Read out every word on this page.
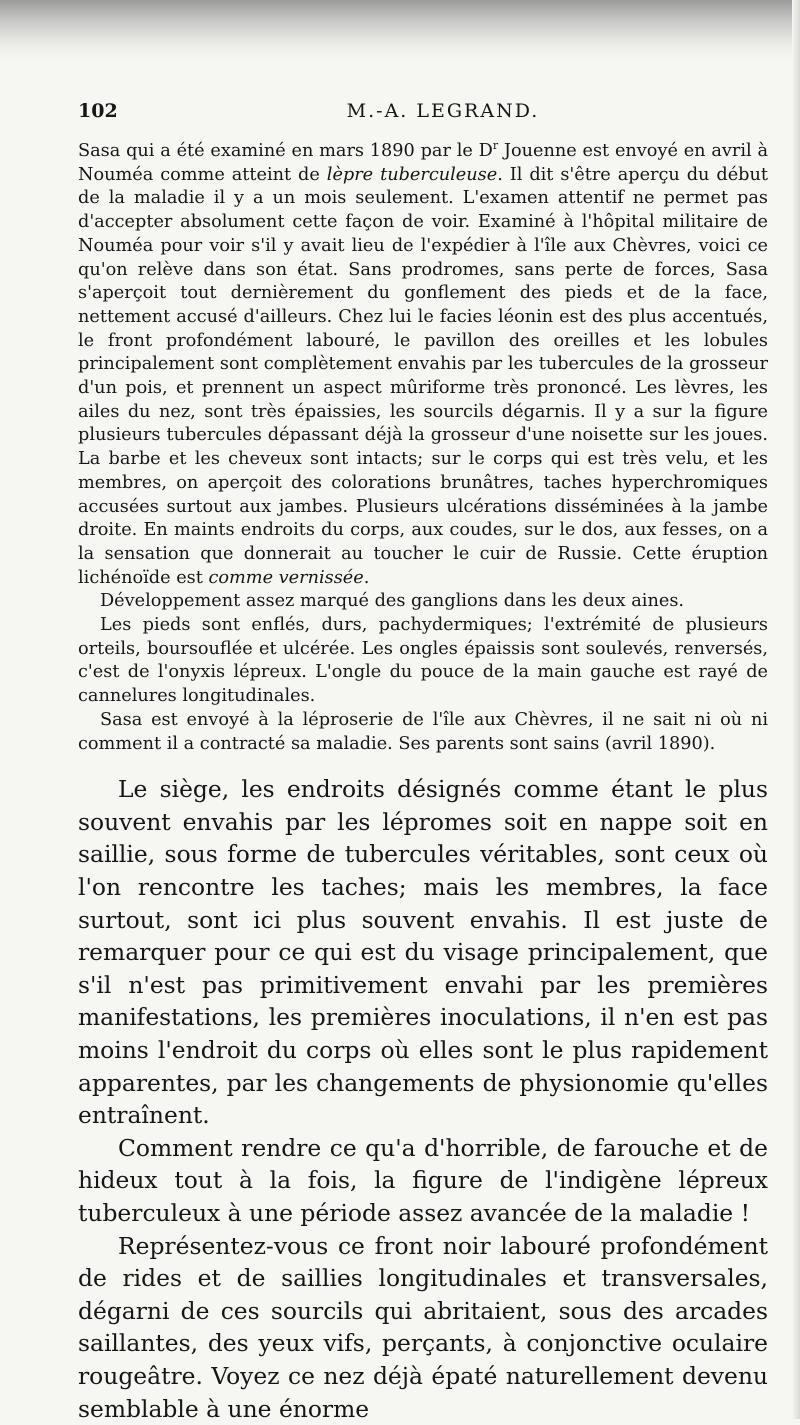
102	M.-A. LEGRAND.

Sasa qui a été examiné en mars 1890 par le $D^r$ Jouenne est envoyé en avril à Nouméa comme atteint de lèpre tuberculeuse. Il dit s'être aperçu du début de la maladie il y a un mois seulement. L'examen attentif ne permet pas d'accepter absolument cette façon de voir. Examiné à l'hôpital militaire de Nouméa pour voir s'il y avait lieu de l'expédier à l'île aux Chèvres, voici ce qu'on relève dans son état. Sans prodromes, sans perte de forces, Sasa s'aperçoit tout dernièrement du gonflement des pieds et de la face, nettement accusé d'ailleurs. Chez lui le facies léonin est des plus accentués, le front profondément labouré, le pavillon des oreilles et les lobules principalement sont complètement envahis par les tubercules de la grosseur d'un pois, et prennent un aspect mûriforme très prononcé. Les lèvres, les ailes du nez, sont très épaissies, les sourcils dégarnis. Il y a sur la figure plusieurs tubercules dépassant déjà la grosseur d'une noisette sur les joues. La barbe et les cheveux sont intacts; sur le corps qui est très velu, et les membres, on aperçoit des colorations brunâtres, taches hyperchromiques accusées surtout aux jambes. Plusieurs ulcérations disséminées à la jambe droite. En maints endroits du corps, aux coudes, sur le dos, aux fesses, on a la sensation que donnerait au toucher le cuir de Russie. Cette éruption lichénoïde est comme vernissée.

Développement assez marqué des ganglions dans les deux aines.

Les pieds sont enflés, durs, pachydermiques; l'extrémité de plusieurs orteils, boursouflée et ulcérée. Les ongles épaissis sont soulevés, renversés, c'est de l'onyxis lépreux. L'ongle du pouce de la main gauche est rayé de cannelures longitudinales.

Sasa est envoyé à la léproserie de l'île aux Chèvres, il ne sait ni où ni comment il a contracté sa maladie. Ses parents sont sains (avril 1890).

Le siège, les endroits désignés comme étant le plus souvent envahis par les lépromes soit en nappe soit en saillie, sous forme de tubercules véritables, sont ceux où l'on rencontre les taches; mais les membres, la face surtout, sont ici plus souvent envahis. Il est juste de remarquer pour ce qui est du visage principalement, que s'il n'est pas primitivement envahi par les premières manifestations, les premières inoculations, il n'en est pas moins l'endroit du corps où elles sont le plus rapidement apparentes, par les changements de physionomie qu'elles entraînent.

Comment rendre ce qu'a d'horrible, de farouche et de hideux tout à la fois, la figure de l'indigène lépreux tuberculeux à une période assez avancée de la maladie !

Représentez-vous ce front noir labouré profondément de rides et de saillies longitudinales et transversales, dégarni de ces sourcils qui abritaient, sous des arcades saillantes, des yeux vifs, perçants, à conjonctive oculaire rougeâtre. Voyez ce nez déjà épaté naturellement devenu semblable à une énorme
